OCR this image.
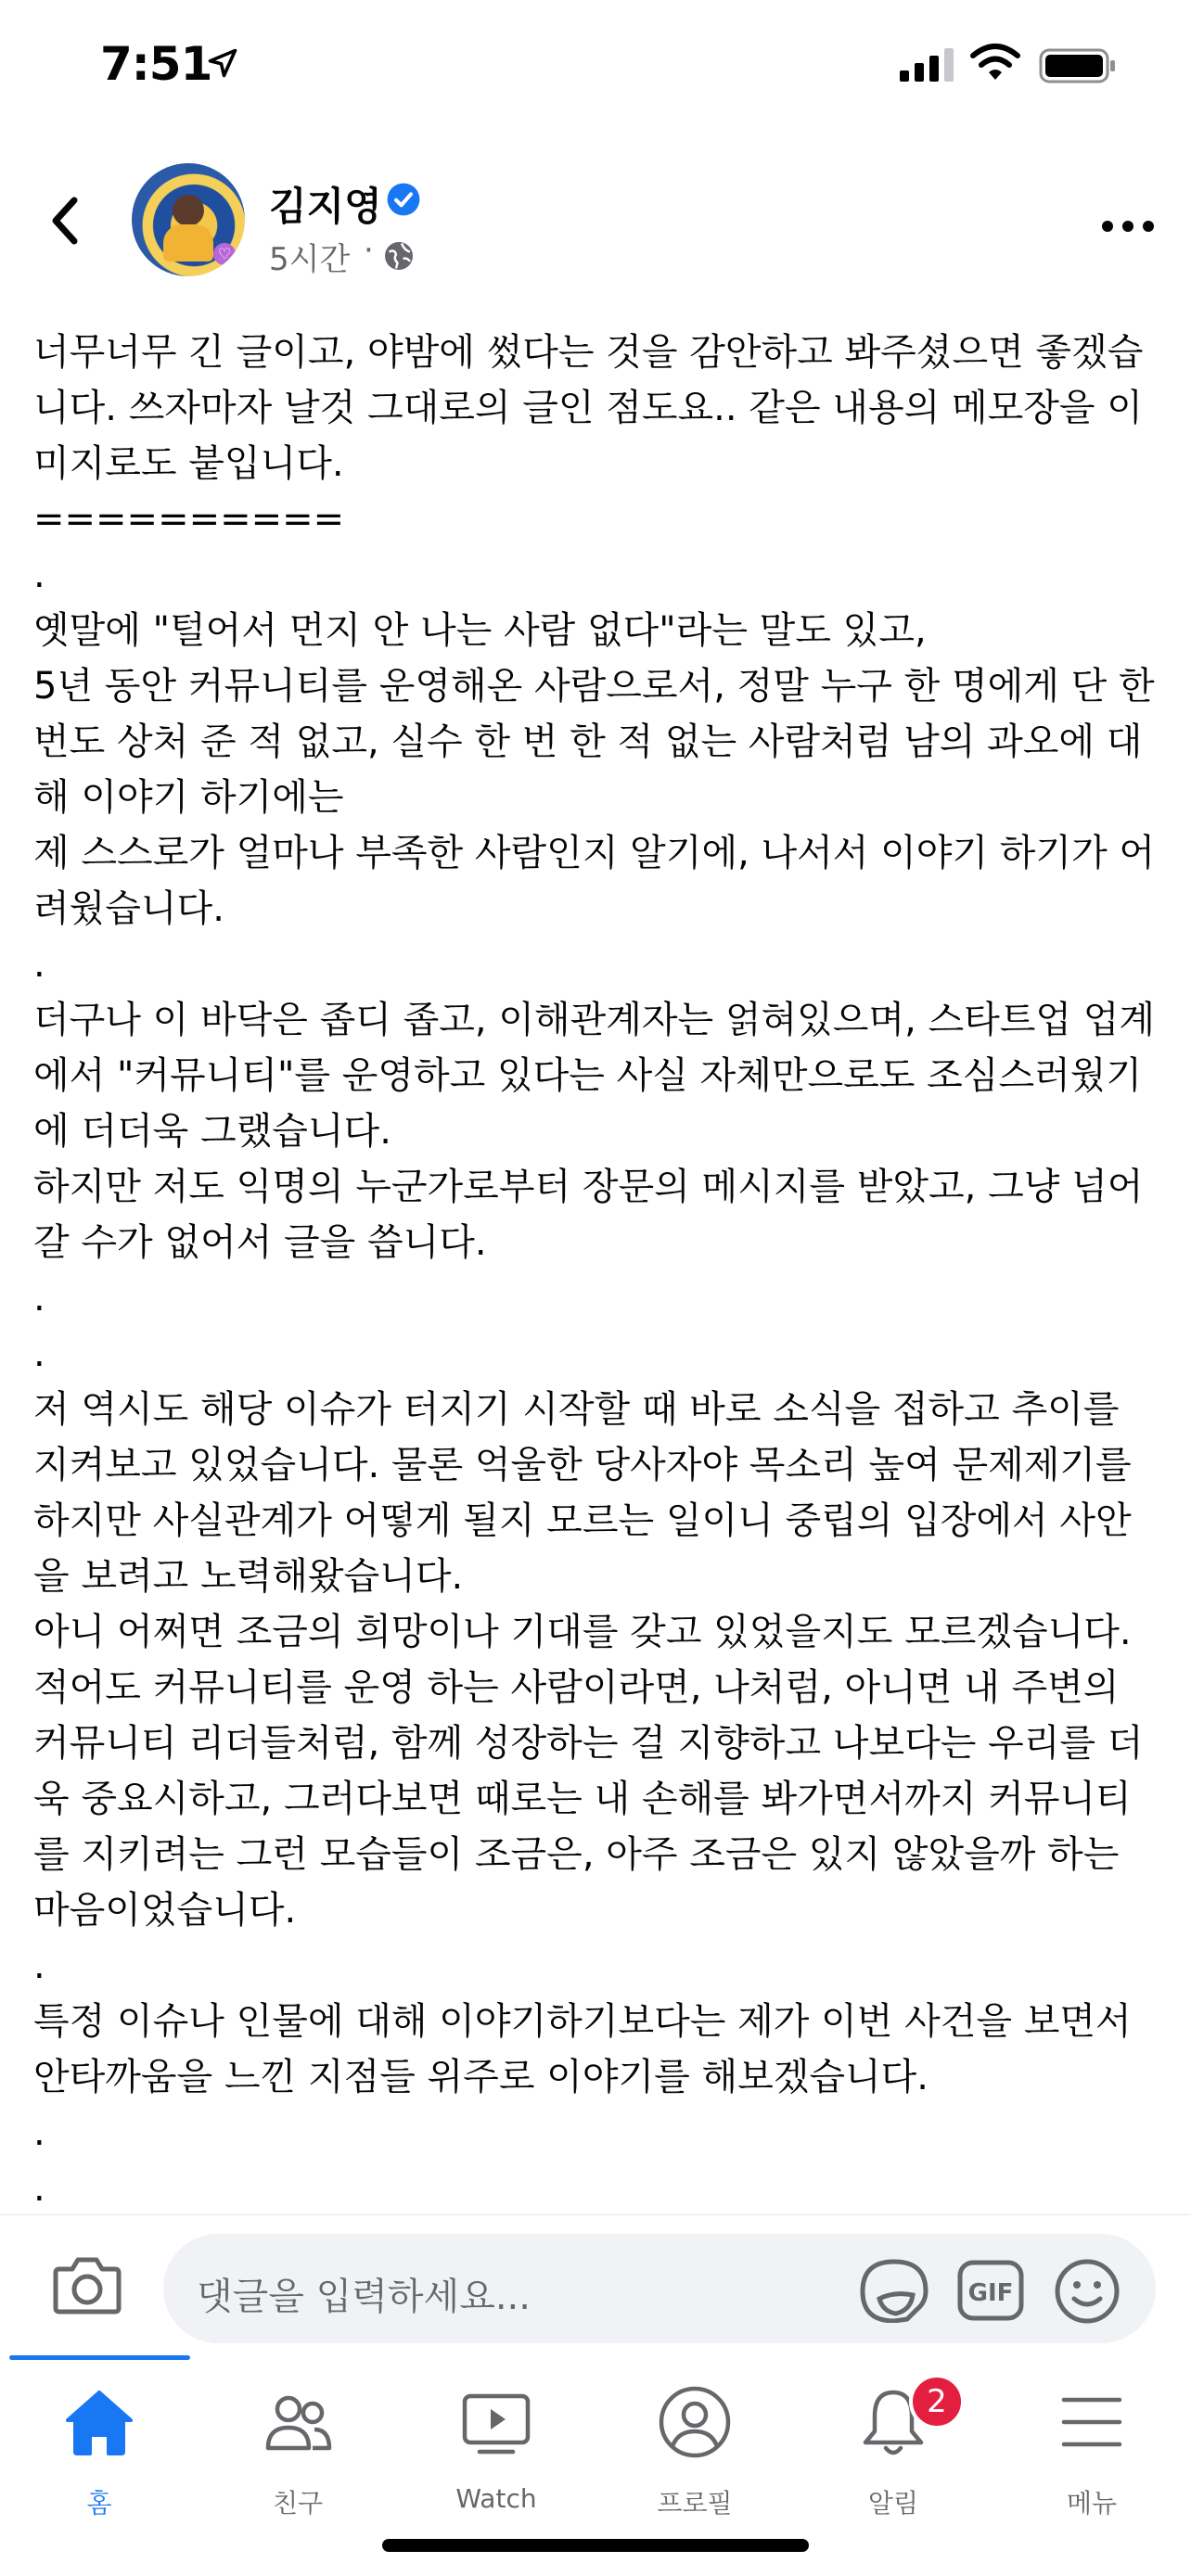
7:51
♡
김지영
5시간 ·
너무너무 긴 글이고, 야밤에 썼다는 것을 감안하고 봐주셨으면 좋겠습
니다. 쓰자마자 날것 그대로의 글인 점도요.. 같은 내용의 메모장을 이
미지로도 붙입니다.
==========
.
옛말에 "털어서 먼지 안 나는 사람 없다"라는 말도 있고,
5년 동안 커뮤니티를 운영해온 사람으로서, 정말 누구 한 명에게 단 한
번도 상처 준 적 없고, 실수 한 번 한 적 없는 사람처럼 남의 과오에 대
해 이야기 하기에는
제 스스로가 얼마나 부족한 사람인지 알기에, 나서서 이야기 하기가 어
려웠습니다.
.
더구나 이 바닥은 좁디 좁고, 이해관계자는 얽혀있으며, 스타트업 업계
에서 "커뮤니티"를 운영하고 있다는 사실 자체만으로도 조심스러웠기
에 더더욱 그랬습니다.
하지만 저도 익명의 누군가로부터 장문의 메시지를 받았고, 그냥 넘어
갈 수가 없어서 글을 씁니다.
.
.
저 역시도 해당 이슈가 터지기 시작할 때 바로 소식을 접하고 추이를
지켜보고 있었습니다. 물론 억울한 당사자야 목소리 높여 문제제기를
하지만 사실관계가 어떻게 될지 모르는 일이니 중립의 입장에서 사안
을 보려고 노력해왔습니다.
아니 어쩌면 조금의 희망이나 기대를 갖고 있었을지도 모르겠습니다.
적어도 커뮤니티를 운영 하는 사람이라면, 나처럼, 아니면 내 주변의
커뮤니티 리더들처럼, 함께 성장하는 걸 지향하고 나보다는 우리를 더
욱 중요시하고, 그러다보면 때로는 내 손해를 봐가면서까지 커뮤니티
를 지키려는 그런 모습들이 조금은, 아주 조금은 있지 않았을까 하는
마음이었습니다.
.
특정 이슈나 인물에 대해 이야기하기보다는 제가 이번 사건을 보면서
안타까움을 느낀 지점들 위주로 이야기를 해보겠습니다.
.
.
댓글을 입력하세요...	GIF
홈	친구	Watch	프로필
2
알림	메뉴
